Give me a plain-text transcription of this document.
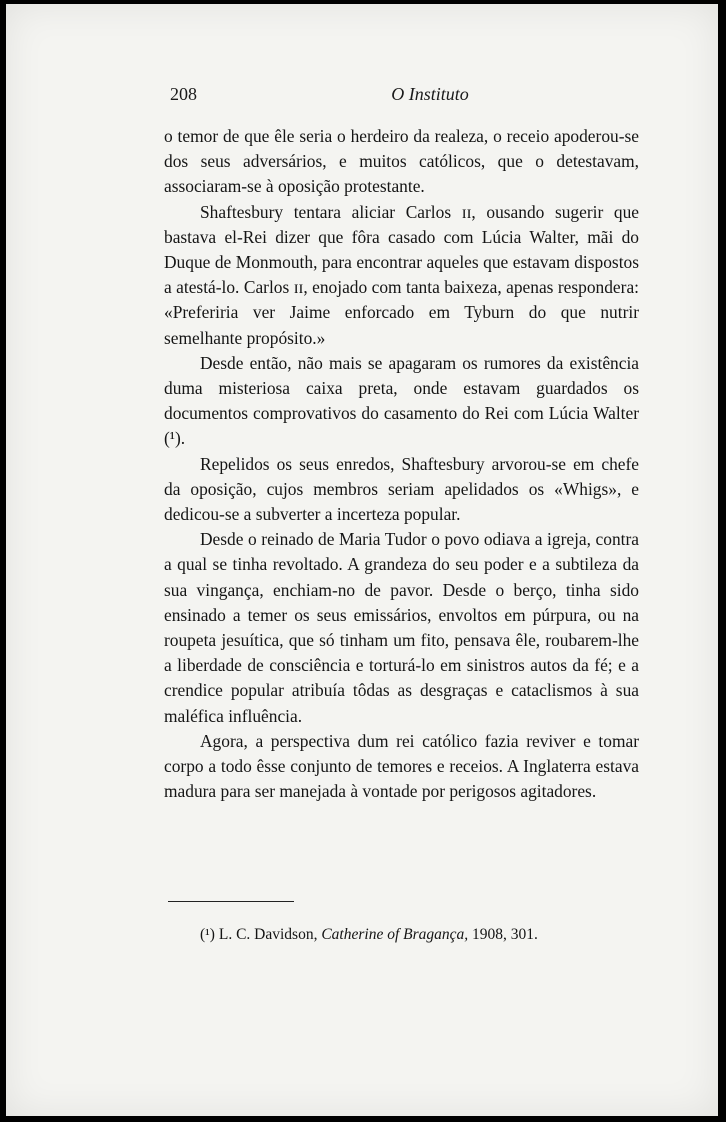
208	O Instituto

o temor de que êle seria o herdeiro da realeza, o receio apoderou-se dos seus adversários, e muitos católicos, que o detestavam, associaram-se à oposição protestante.

Shaftesbury tentara aliciar Carlos ɪɪ, ousando sugerir que bastava el-Rei dizer que fôra casado com Lúcia Walter, mãi do Duque de Monmouth, para encontrar aqueles que estavam dispostos a atestá-lo. Carlos ɪɪ, enojado com tanta baixeza, apenas respondera: «Preferiria ver Jaime enforcado em Tyburn do que nutrir semelhante propósito.»

Desde então, não mais se apagaram os rumores da existência duma misteriosa caixa preta, onde estavam guardados os documentos comprovativos do casamento do Rei com Lúcia Walter (¹).

Repelidos os seus enredos, Shaftesbury arvorou-se em chefe da oposição, cujos membros seriam apelidados os «Whigs», e dedicou-se a subverter a incerteza popular.

Desde o reinado de Maria Tudor o povo odiava a igreja, contra a qual se tinha revoltado. A grandeza do seu poder e a subtileza da sua vingança, enchiam-no de pavor. Desde o berço, tinha sido ensinado a temer os seus emissários, envoltos em púrpura, ou na roupeta jesuítica, que só tinham um fito, pensava êle, roubarem-lhe a liberdade de consciência e torturá-lo em sinistros autos da fé; e a crendice popular atribuía tôdas as desgraças e cataclismos à sua maléfica influência.

Agora, a perspectiva dum rei católico fazia reviver e tomar corpo a todo êsse conjunto de temores e receios. A Inglaterra estava madura para ser manejada à vontade por perigosos agitadores.

(¹) L. C. Davidson, Catherine of Bragança, 1908, 301.
